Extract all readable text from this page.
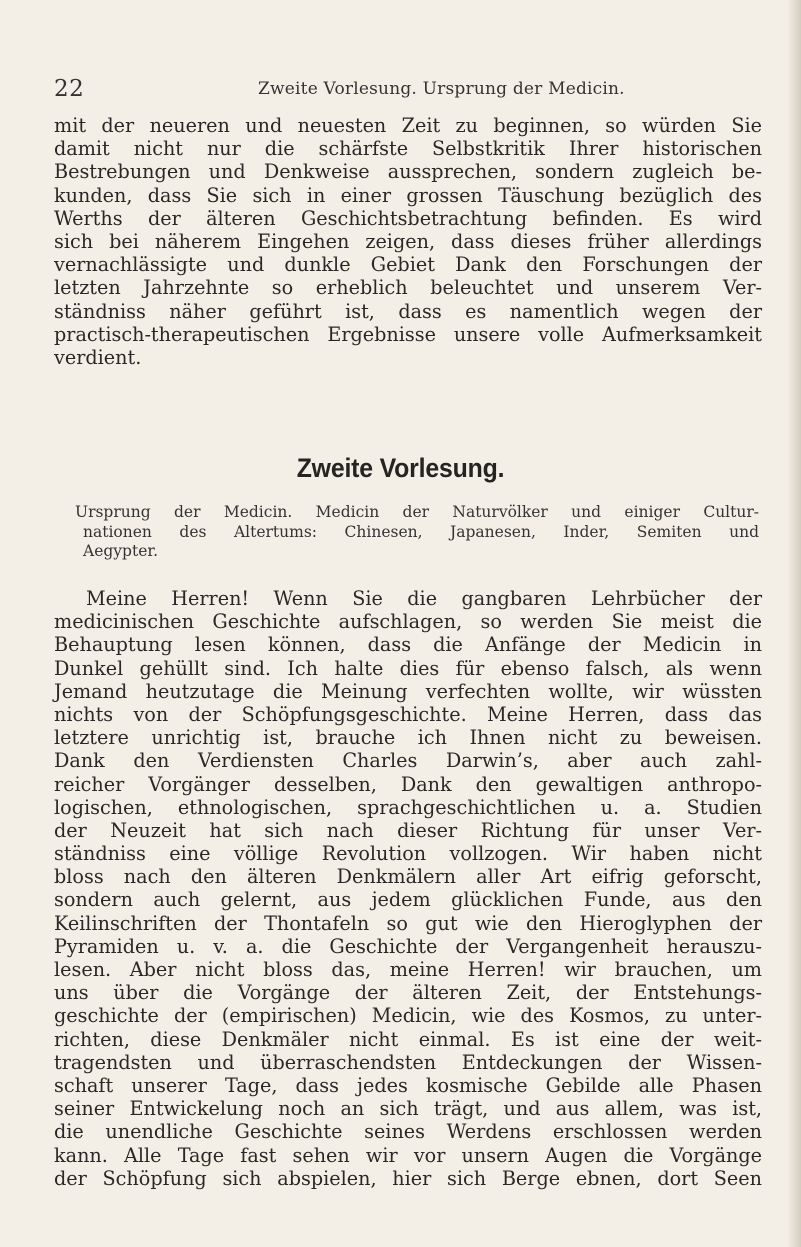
22	Zweite Vorlesung. Ursprung der Medicin.
mit der neueren und neuesten Zeit zu beginnen, so würden Sie
damit nicht nur die schärfste Selbstkritik Ihrer historischen
Bestrebungen und Denkweise aussprechen, sondern zugleich be-
kunden, dass Sie sich in einer grossen Täuschung bezüglich des
Werths der älteren Geschichtsbetrachtung befinden. Es wird
sich bei näherem Eingehen zeigen, dass dieses früher allerdings
vernachlässigte und dunkle Gebiet Dank den Forschungen der
letzten Jahrzehnte so erheblich beleuchtet und unserem Ver-
ständniss näher geführt ist, dass es namentlich wegen der
practisch-therapeutischen Ergebnisse unsere volle Aufmerksamkeit
verdient.
Zweite Vorlesung.
Ursprung der Medicin. Medicin der Naturvölker und einiger Cultur-
nationen des Altertums: Chinesen, Japanesen, Inder, Semiten und
Aegypter.
Meine Herren! Wenn Sie die gangbaren Lehrbücher der
medicinischen Geschichte aufschlagen, so werden Sie meist die
Behauptung lesen können, dass die Anfänge der Medicin in
Dunkel gehüllt sind. Ich halte dies für ebenso falsch, als wenn
Jemand heutzutage die Meinung verfechten wollte, wir wüssten
nichts von der Schöpfungsgeschichte. Meine Herren, dass das
letztere unrichtig ist, brauche ich Ihnen nicht zu beweisen.
Dank den Verdiensten Charles Darwin’s, aber auch zahl-
reicher Vorgänger desselben, Dank den gewaltigen anthropo-
logischen, ethnologischen, sprachgeschichtlichen u. a. Studien
der Neuzeit hat sich nach dieser Richtung für unser Ver-
ständniss eine völlige Revolution vollzogen. Wir haben nicht
bloss nach den älteren Denkmälern aller Art eifrig geforscht,
sondern auch gelernt, aus jedem glücklichen Funde, aus den
Keilinschriften der Thontafeln so gut wie den Hieroglyphen der
Pyramiden u. v. a. die Geschichte der Vergangenheit herauszu-
lesen. Aber nicht bloss das, meine Herren! wir brauchen, um
uns über die Vorgänge der älteren Zeit, der Entstehungs-
geschichte der (empirischen) Medicin, wie des Kosmos, zu unter-
richten, diese Denkmäler nicht einmal. Es ist eine der weit-
tragendsten und überraschendsten Entdeckungen der Wissen-
schaft unserer Tage, dass jedes kosmische Gebilde alle Phasen
seiner Entwickelung noch an sich trägt, und aus allem, was ist,
die unendliche Geschichte seines Werdens erschlossen werden
kann. Alle Tage fast sehen wir vor unsern Augen die Vorgänge
der Schöpfung sich abspielen, hier sich Berge ebnen, dort Seen
